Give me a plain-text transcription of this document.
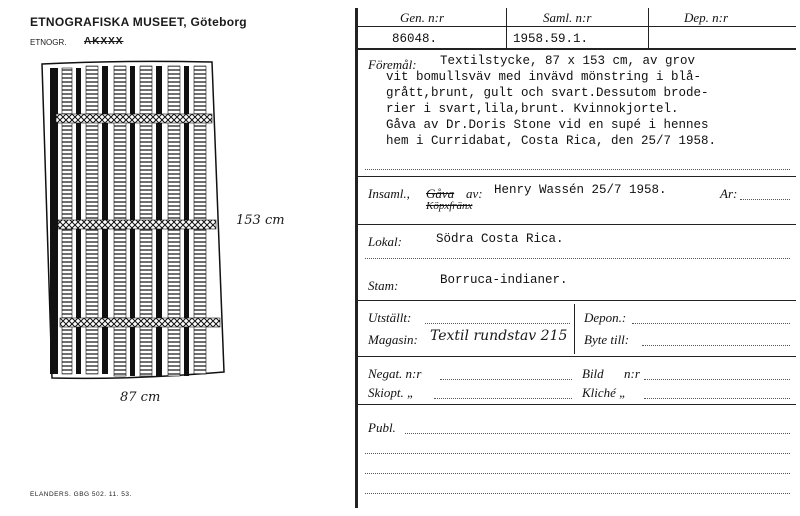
ETNOGRAFISKA MUSEET, Göteborg
ETNOGR. AKXXX
153 cm
87 cm
ELANDERS. GBG 502. 11. 53.
Gen. n:r	Saml. n:r	Dep. n:r
86048.	1958.59.1.
Föremål: Textilstycke, 87 x 153 cm, av grov
vit bomullsväv med invävd mönstring i blå-
grått,brunt, gult och svart.Dessutom brode-
rier i svart,lila,brunt. Kvinnokjortel.
Gåva av Dr.Doris Stone vid en supé i hennes
hem i Curridabat, Costa Rica, den 25/7 1958.
Insaml., Gåva av: Henry Wassén 25/7 1958.	Ar:
Köpxfränx
Lokal:	Södra Costa Rica.
Stam:	Borruca-indianer.
Utställt:	Depon.:
Magasin: Textil rundstav 215 Byte till:
Negat. n:r	Bild n:r
Skiopt. „	Kliché „
Publ.
